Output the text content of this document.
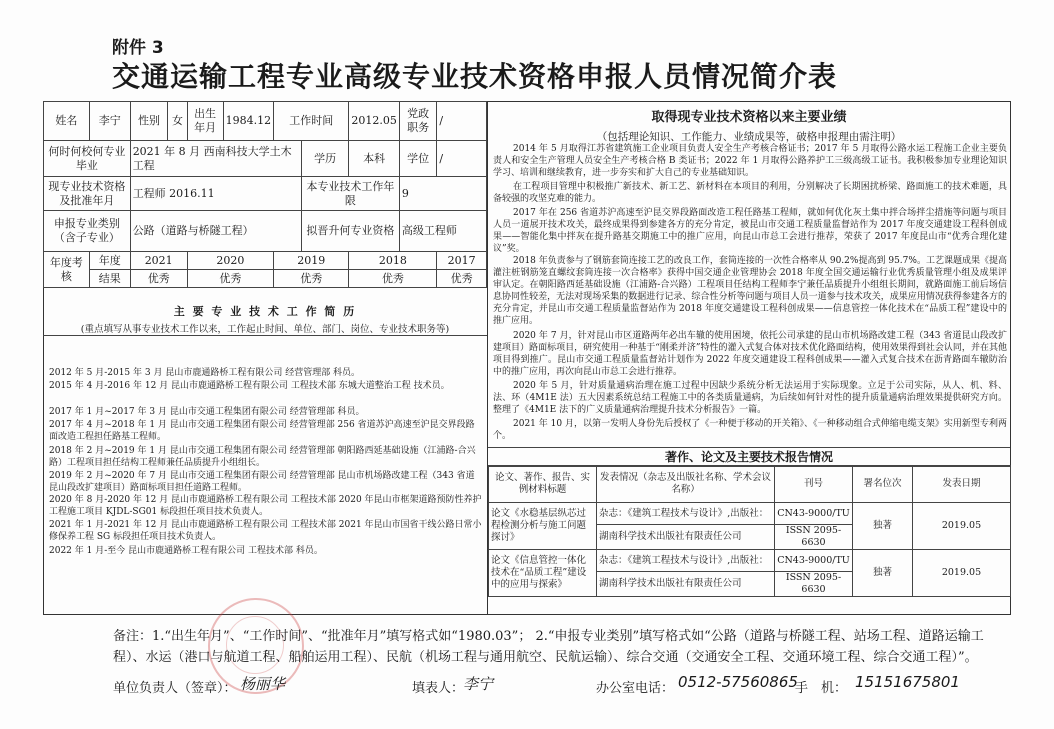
附件 3
交通运输工程专业高级专业技术资格申报人员情况简介表
姓名	李宁	性别	女	出生年月	1984.12	工作时间		2012.05	党政职务	/
何时何校何专业毕业		2021 年 8 月 西南科技大学土木工程					学历	本科	学位	/
现专业技术资格及批准年月		工程师 2016.11					本专业技术工作年限		9	
申报专业类别（含子专业）		公路（道路与桥隧工程）					拟晋升何专业资格		高级工程师	
年度考核	年度	2021		2020		2019		2018		2017
	结果	优秀		优秀		优秀		优秀		优秀
主 要 专 业 技 术 工 作 简 历
(重点填写从事专业技术工作以来，工作起止时间、单位、部门、岗位、专业技术职务等)
2012 年 5 月-2015 年 3 月 昆山市鹿通路桥工程有限公司 经营管理部 科员。
2015 年 4 月-2016 年 12 月 昆山市鹿通路桥工程有限公司 工程技术部 东城大道整治工程 技术员。
2017 年 1 月~2017 年 3 月 昆山市交通工程集团有限公司 经营管理部 科员。
2017 年 4 月~2018 年 1 月 昆山市交通工程集团有限公司 经营管理部 256 省道苏沪高速至沪昆交界段路面改造工程担任路基工程师。
2018 年 2 月~2019 年 1 月 昆山市交通工程集团有限公司 经营管理部 朝阳路西延基础设施（江浦路-合兴路）工程项目担任结构工程师兼任品质提升小组组长。
2019 年 2 月~2020 年 7 月 昆山市交通工程集团有限公司 经营管理部 昆山市机场路改建工程（343 省道昆山段改扩建项目）路面标项目担任道路工程师。
2020 年 8 月-2020 年 12 月 昆山市鹿通路桥工程有限公司 工程技术部 2020 年昆山市框架道路预防性养护工程施工项目 KJDL-SG01 标段担任项目技术负责人。
2021 年 1 月-2021 年 12 月 昆山市鹿通路桥工程有限公司 工程技术部 2021 年昆山市国省干线公路日常小修保养工程 SG 标段担任项目技术负责人。
2022 年 1 月-至今 昆山市鹿通路桥工程有限公司 工程技术部 科员。
取得现专业技术资格以来主要业绩
（包括理论知识、工作能力、业绩成果等，破格申报理由需注明）
2014 年 5 月取得江苏省建筑施工企业项目负责人安全生产考核合格证书；2017 年 5 月取得公路水运工程施工企业主要负责人和安全生产管理人员安全生产考核合格 B 类证书；2022 年 1 月取得公路养护工三级高级工证书。我积极参加专业理论知识学习、培训和继续教育，进一步夯实和扩大自己的专业基础知识。
在工程项目管理中积极推广新技术、新工艺、新材料在本项目的利用，分别解决了长期困扰桥梁、路面施工的技术难题，具备较强的攻坚克难的能力。
2017 年在 256 省道苏沪高速至沪昆交界段路面改造工程任路基工程师，就如何优化灰土集中拌合场拌尘措施等问题与项目人员一道展开技术攻关，最终成果得到参建各方的充分肯定，被昆山市交通工程质量监督站作为 2017 年度交通建设工程科创成果——智能化集中拌灰在提升路基交期施工中的推广应用，向昆山市总工会进行推荐，荣获了 2017 年度昆山市“优秀合理化建议”奖。
2018 年负责参与了钢筋套筒连接工艺的改良工作，套筒连接的一次性合格率从 90.2%提高到 95.7%。工艺课题成果《提高灌注桩钢筋笼直螺纹套筒连接一次合格率》获得中国交通企业管理协会 2018 年度全国交通运输行业优秀质量管理小组及成果评审认定。在朝阳路西延基础设施（江浦路-合兴路）工程项目任结构工程师李宁兼任品质提升小组组长期间，就路面施工前后场信息协同性较差，无法对现场采集的数据进行记录、综合性分析等问题与项目人员一道参与技术攻关，成果应用情况获得参建各方的充分肯定，并昆山市交通工程质量监督站作为 2018 年度交通建设工程科创成果——信息管控一体化技术在“品质工程”建设中的推广应用。
2020 年 7 月，针对昆山市区道路两年必出车辙的使用困境，依托公司承建的昆山市机场路改建工程（343 省道昆山段改扩建项目）路面标项目，研究使用一种基于“刚柔并济”特性的灌入式复合体对技术优化路面结构，使用效果得到社会认同，并在其他项目得到推广。昆山市交通工程质量监督站计划作为 2022 年度交通建设工程科创成果——灌入式复合技术在沥青路面车辙防治中的推广应用，再次向昆山市总工会进行推荐。
2020 年 5 月，针对质量通病治理在施工过程中因缺少系统分析无法运用于实际现象。立足于公司实际，从人、机、料、法、环（4M1E 法）五大因素系统总结工程施工中的各类质量通病，为后续如何针对性的提升质量通病治理效果提供研究方向。整理了《4M1E 法下的广义质量通病治理提升技术分析报告》一篇。
2021 年 10 月，以第一发明人身份先后授权了《一种便于移动的开关箱》、《一种移动组合式伸缩电缆支架》实用新型专利两个。
著作、论文及主要技术报告情况
论文、著作、报告、实例材料标题	发表情况（杂志及出版社名称、学术会议名称）	刊号	署名位次	发表日期
论文《水稳基层纵芯过程检测分析与施工问题探讨》	杂志：《建筑工程技术与设计》,出版社：	CN43-9000/TU	独著	2019.05
	湖南科学技术出版社有限责任公司	ISSN 2095-6630		
论文《信息管控一体化技术在“品质工程”建设中的应用与探索》	杂志：《建筑工程技术与设计》,出版社：	CN43-9000/TU	独著	2019.05
	湖南科学技术出版社有限责任公司	ISSN 2095-6630		
备注：1.“出生年月”、“工作时间”、“批准年月”填写格式如“1980.03”； 2.“申报专业类别”填写格式如“公路（道路与桥隧工程、站场工程、道路运输工程）、水运（港口与航道工程、船舶运用工程）、民航（机场工程与通用航空、民航运输）、综合交通（交通安全工程、交通环境工程、综合交通工程）”。
单位负责人（签章）： 杨丽华	填表人：
李宁	办公室电话： 0512-57560865
手　机： 15151675801
